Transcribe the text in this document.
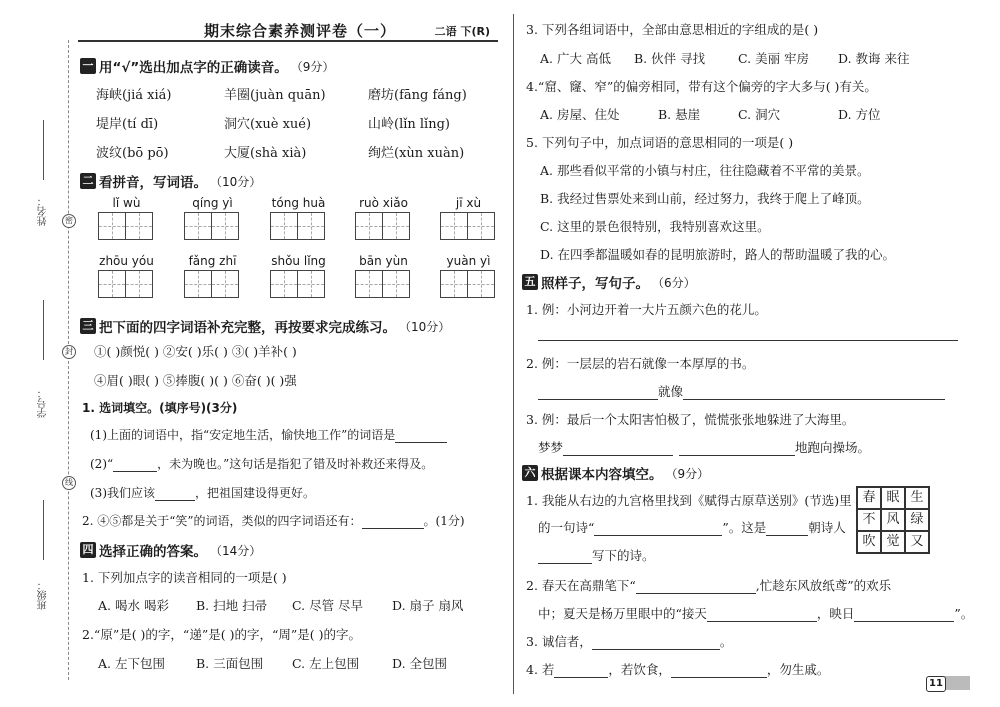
姓名：	密
封
学号：
线
班级：
期末综合素养测评卷（一）	二语 下(R)
一 用“√”选出加点字的正确读音。 （9分）
海峡(jiá xiá)	羊圈(juàn quān)	磨坊(fāng fáng)
堤岸(tí dī)	洞穴(xuè xué)	山岭(lǐn lǐng)
波纹(bō pō)	大厦(shà xià)	绚烂(xùn xuàn)
二 看拼音，写词语。 （10分）
lǐ wù	qíng yì	tóng huà	ruò xiǎo	jī xù
zhōu yóu	fǎng zhī	shǒu lǐng	bān yùn	yuàn yì
三 把下面的四字词语补充完整，再按要求完成练习。 （10分）
①( )颜悦( ) ②安( )乐( ) ③( )羊补( )
④眉( )眼( ) ⑤捧腹( )( ) ⑥奋( )( )强
1. 选词填空。(填序号)(3分)
(1)上面的词语中，指“安定地生活，愉快地工作”的词语是
(2)“	，未为晚也。”这句话是指犯了错及时补救还来得及。
(3)我们应该	，把祖国建设得更好。
2. ④⑤都是关于“笑”的词语，类似的四字词语还有：	。(1分)
四 选择正确的答案。 （14分）
1. 下列加点字的读音相同的一项是( )
A. 喝水 喝彩 B. 扫地 扫帚 C. 尽管 尽早 D. 扇子 扇风
2.“原”是( )的字，“递”是( )的字，“周”是( )的字。
A. 左下包围 B. 三面包围 C. 左上包围	D. 全包围
3. 下列各组词语中，全部由意思相近的字组成的是( )
A. 广大 高低 B. 伙伴 寻找	C. 美丽 牢房 D. 教诲 来往
4.“窟、窿、窄”的偏旁相同，带有这个偏旁的字大多与( )有关。
A. 房屋、住处	B. 悬崖	C. 洞穴	D. 方位
5. 下列句子中，加点词语的意思相同的一项是( )
A. 那些看似平常的小镇与村庄，往往隐藏着不平常的美景。
B. 我经过售票处来到山前，经过努力，我终于爬上了峰顶。
C. 这里的景色很特别，我特别喜欢这里。
D. 在四季都温暖如春的昆明旅游时，路人的帮助温暖了我的心。
五 照样子，写句子。 （6分）
1. 例：小河边开着一大片五颜六色的花儿。
2. 例：一层层的岩石就像一本厚厚的书。
就像
3. 例：最后一个太阳害怕极了，慌慌张张地躲进了大海里。
梦梦	地跑向操场。
六 根据课本内容填空。 （9分）
1. 我能从右边的九宫格里找到《赋得古原草送别》(节选)里
的一句诗“	”。这是	朝诗人
写下的诗。
2. 春天在高鼎笔下“	,忙趁东风放纸鸢”的欢乐
中；夏天是杨万里眼中的“接天	，映日	”。
3. 诚信者，	。
4. 若	，若饮食，	，勿生戚。
春 眠 生
不 风 绿
吹 觉 又
11
